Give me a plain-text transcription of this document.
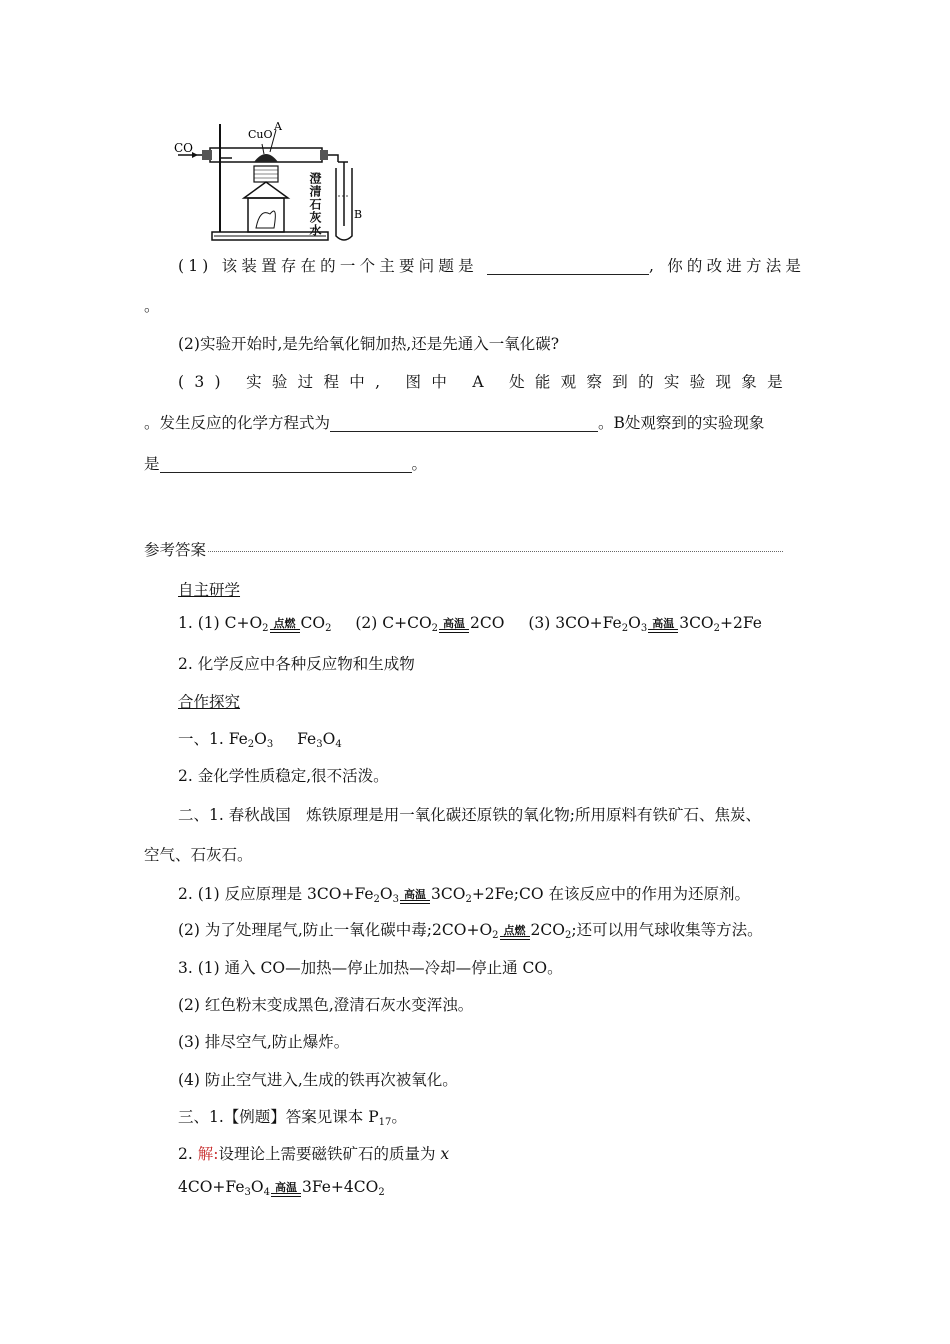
CO
CuO
A
B
澄清石灰水
(1) 该装置存在的一个主要问题是	, 你的改进方法是
。
(2)实验开始时,是先给氧化铜加热,还是先通入一氧化碳?
(3) 实验过程中, 图中 A 处能观察到的实验现象是
。发生反应的化学方程式为	。B处观察到的实验现象
是	。
参考答案
自主研学
1. (1) $C+O_2$ 点燃 $CO_2$ (2) $C+CO_2$ 高温 2CO (3) $3CO+Fe_2O_3$ 高温 $3CO_2+2Fe$
2. 化学反应中各种反应物和生成物
合作探究
一、1. $Fe_2O_3$ $Fe_3O_4$
2. 金化学性质稳定,很不活泼。
二、1. 春秋战国　炼铁原理是用一氧化碳还原铁的氧化物;所用原料有铁矿石、焦炭、
空气、石灰石。
2. (1) 反应原理是 $3CO+Fe_2O_3$ 高温 $3CO_2+2Fe;CO$ 在该反应中的作用为还原剂。
(2) 为了处理尾气,防止一氧化碳中毒$;2CO+O_2$ 点燃 $2CO_2$;还可以用气球收集等方法。
3. (1) 通入 CO—加热—停止加热—冷却—停止通 CO。
(2) 红色粉末变成黑色,澄清石灰水变浑浊。
(3) 排尽空气,防止爆炸。
(4) 防止空气进入,生成的铁再次被氧化。
三、1.【例题】答案见课本 $P_{17}$。
2. 解:设理论上需要磁铁矿石的质量为 x
$4CO+Fe_3O_4$ 高温 $3Fe+4CO_2$
